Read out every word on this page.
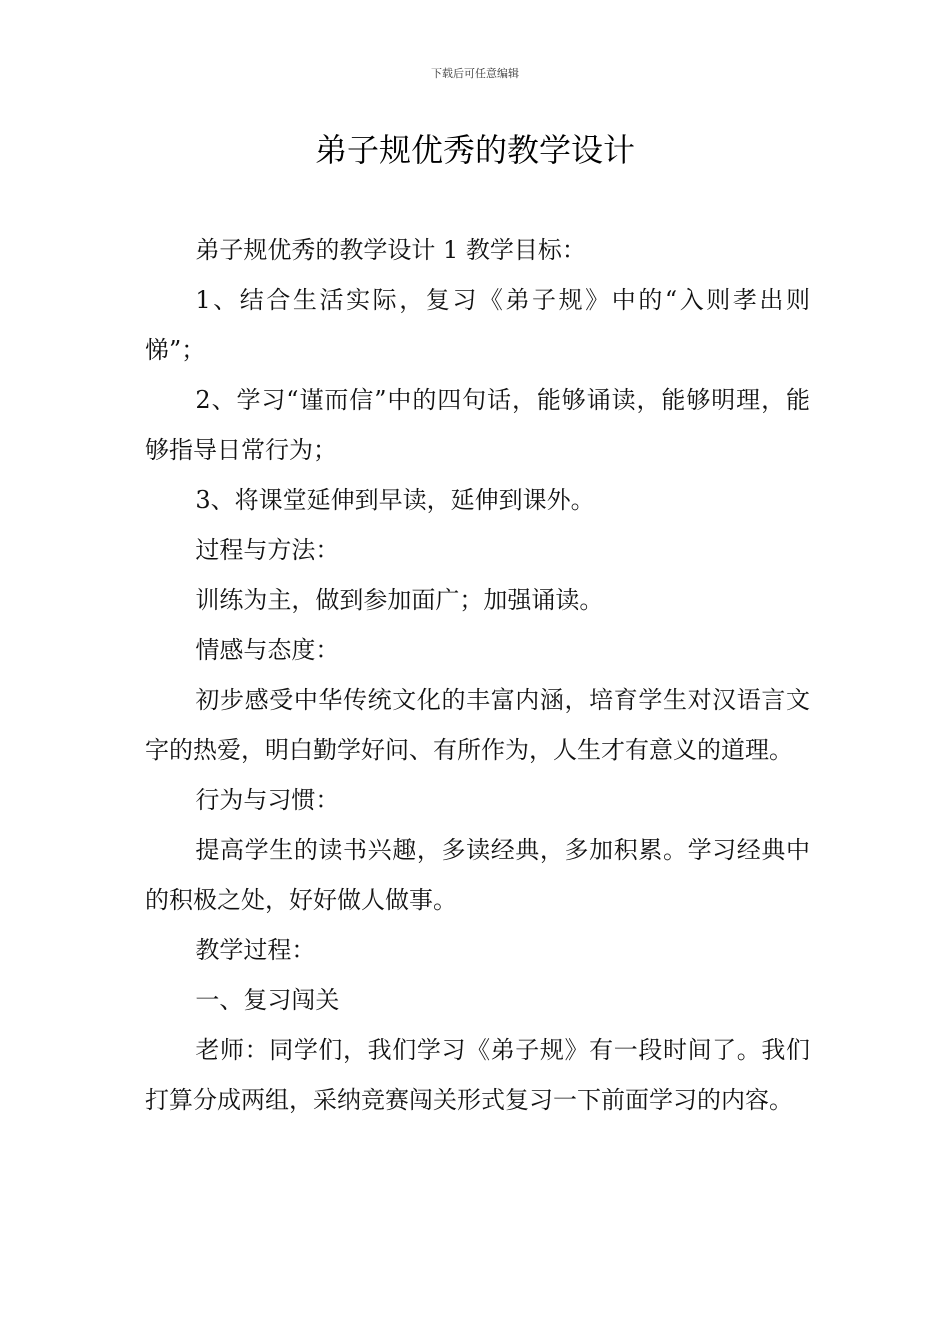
下载后可任意编辑
弟子规优秀的教学设计

弟子规优秀的教学设计 1 教学目标：

1、结合生活实际，复习《弟子规》中的“入则孝出则悌”；

2、学习“谨而信”中的四句话，能够诵读，能够明理，能够指导日常行为；

3、将课堂延伸到早读，延伸到课外。

过程与方法：

训练为主，做到参加面广；加强诵读。

情感与态度：

初步感受中华传统文化的丰富内涵，培育学生对汉语言文字的热爱，明白勤学好问、有所作为，人生才有意义的道理。

行为与习惯：

提高学生的读书兴趣，多读经典，多加积累。学习经典中的积极之处，好好做人做事。

教学过程：

一、复习闯关

老师：同学们，我们学习《弟子规》有一段时间了。我们打算分成两组，采纳竞赛闯关形式复习一下前面学习的内容。
